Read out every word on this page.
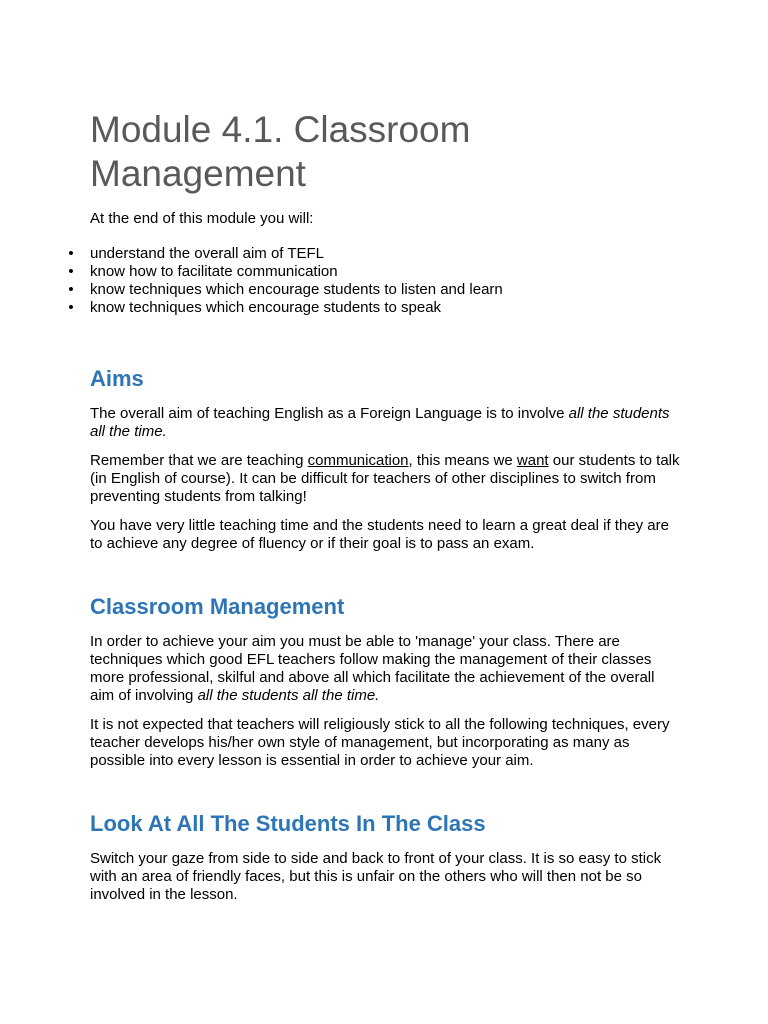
Module 4.1. Classroom Management

At the end of this module you will:

• understand the overall aim of TEFL
• know how to facilitate communication
• know techniques which encourage students to listen and learn
• know techniques which encourage students to speak
Aims

The overall aim of teaching English as a Foreign Language is to involve all the students all the time.

Remember that we are teaching communication, this means we want our students to talk (in English of course). It can be difficult for teachers of other disciplines to switch from preventing students from talking!

You have very little teaching time and the students need to learn a great deal if they are to achieve any degree of fluency or if their goal is to pass an exam.

Classroom Management

In order to achieve your aim you must be able to 'manage' your class. There are techniques which good EFL teachers follow making the management of their classes more professional, skilful and above all which facilitate the achievement of the overall aim of involving all the students all the time.

It is not expected that teachers will religiously stick to all the following techniques, every teacher develops his/her own style of management, but incorporating as many as possible into every lesson is essential in order to achieve your aim.

Look At All The Students In The Class

Switch your gaze from side to side and back to front of your class. It is so easy to stick with an area of friendly faces, but this is unfair on the others who will then not be so involved in the lesson.
